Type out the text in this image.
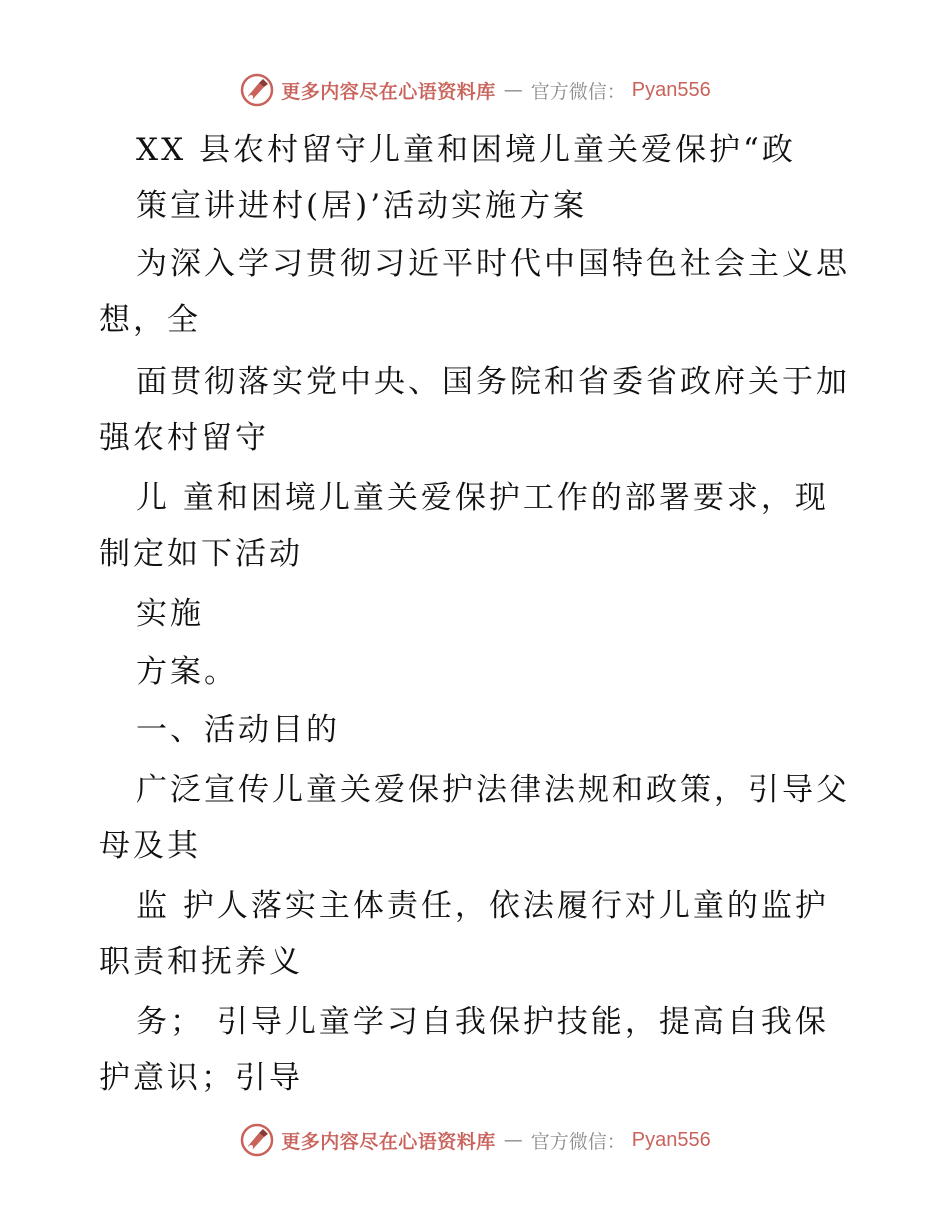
更多内容尽在心语资料库 — 官方微信： Pyan556
XX 县农村留守儿童和困境儿童关爱保护“政
策宣讲进村(居)’活动实施方案
为深入学习贯彻习近平时代中国特色社会主义思
想，全
面贯彻落实党中央、国务院和省委省政府关于加
强农村留守
儿 童和困境儿童关爱保护工作的部署要求，现
制定如下活动
实施
方案。
一、活动目的
广泛宣传儿童关爱保护法律法规和政策，引导父
母及其
监 护人落实主体责任，依法履行对儿童的监护
职责和抚养义
务； 引导儿童学习自我保护技能，提高自我保
护意识；引导
更多内容尽在心语资料库 — 官方微信： Pyan556
